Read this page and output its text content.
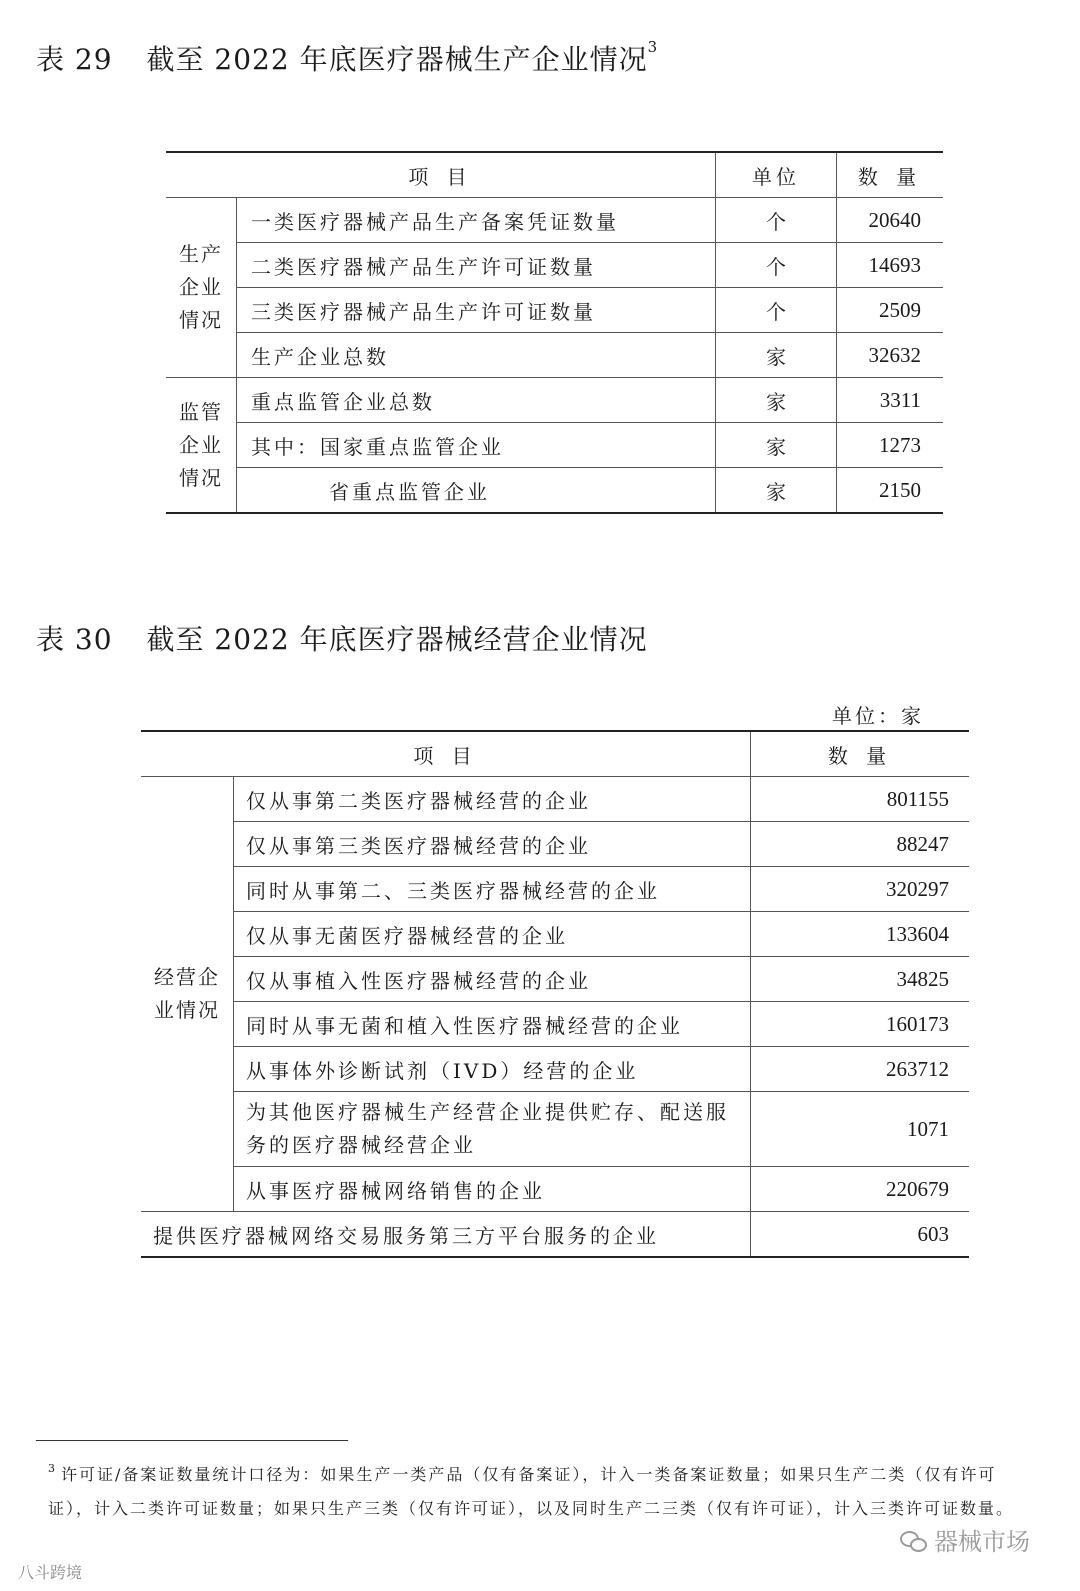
表 29 截至 2022 年底医疗器械生产企业情况$^3$
项 目		单位	数 量

生产企业情况	一类医疗器械产品生产备案凭证数量	个	20640
	二类医疗器械产品生产许可证数量	个	14693
	三类医疗器械产品生产许可证数量	个	2509
	生产企业总数	家	32632

监管企业情况	重点监管企业总数	家	3311
	其中：国家重点监管企业	家	1273
	省重点监管企业	家	2150
表 30 截至 2022 年底医疗器械经营企业情况
单位：家
项 目		数 量

经营企业情况	仅从事第二类医疗器械经营的企业	801155
	仅从事第三类医疗器械经营的企业	88247
	同时从事第二、三类医疗器械经营的企业	320297
	仅从事无菌医疗器械经营的企业	133604
	仅从事植入性医疗器械经营的企业	34825
	同时从事无菌和植入性医疗器械经营的企业	160173
	从事体外诊断试剂（IVD）经营的企业	263712

	为其他医疗器械生产经营企业提供贮存、配送服务的医疗器械经营企业	1071
	从事医疗器械网络销售的企业	220679
提供医疗器械网络交易服务第三方平台服务的企业		603
$^3$ 许可证/备案证数量统计口径为：如果生产一类产品（仅有备案证），计入一类备案证数量；如果只生产二类（仅有许可证），计入二类许可证数量；如果只生产三类（仅有许可证），以及同时生产二三类（仅有许可证），计入三类许可证数量。
八斗跨境
器械市场
